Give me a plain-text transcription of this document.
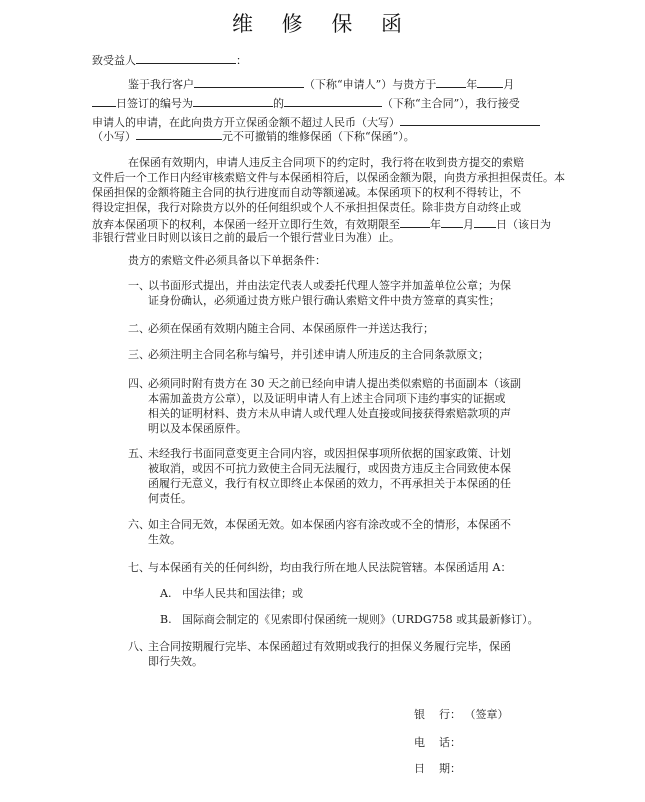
维 修 保 函

致受益人	：

鉴于我行客户	（下称“申请人”）与贵方于	年 月

日签订的编号为	的	（下称“主合同”），我行接受

申请人的申请，在此向贵方开立保函金额不超过人民币（大写）

（小写）	元不可撤销的维修保函（下称“保函”）。

在保函有效期内，申请人违反主合同项下的约定时，我行将在收到贵方提交的索赔

文件后一个工作日内经审核索赔文件与本保函相符后，以保函金额为限，向贵方承担担保责任。本

保函担保的金额将随主合同的执行进度而自动等额递减。本保函项下的权利不得转让，不

得设定担保，我行对除贵方以外的任何组织或个人不承担担保责任。除非贵方自动终止或

放弃本保函项下的权利，本保函一经开立即行生效，有效期限至	年 月 日（该日为

非银行营业日时则以该日之前的最后一个银行营业日为准）止。

贵方的索赔文件必须具备以下单据条件：

一、

以书面形式提出，并由法定代表人或委托代理人签字并加盖单位公章；为保

证身份确认，必须通过贵方账户银行确认索赔文件中贵方签章的真实性；

二、

必须在保函有效期内随主合同、本保函原件一并送达我行；

三、

必须注明主合同名称与编号，并引述申请人所违反的主合同条款原文；

四、

必须同时附有贵方在 30 天之前已经向申请人提出类似索赔的书面副本（该副

本需加盖贵方公章），以及证明申请人有上述主合同项下违约事实的证据或

相关的证明材料、贵方未从申请人或代理人处直接或间接获得索赔款项的声

明以及本保函原件。

五、

未经我行书面同意变更主合同内容，或因担保事项所依据的国家政策、计划

被取消，或因不可抗力致使主合同无法履行，或因贵方违反主合同致使本保

函履行无意义，我行有权立即终止本保函的效力，不再承担关于本保函的任

何责任。

六、

如主合同无效，本保函无效。如本保函内容有涂改或不全的情形，本保函不

生效。

七、

与本保函有关的任何纠纷，均由我行所在地人民法院管辖。本保函适用 A：

A. 中华人民共和国法律；或

B. 国际商会制定的《见索即付保函统一规则》（URDG758 或其最新修订）。

八、

主合同按期履行完毕、本保函超过有效期或我行的担保义务履行完毕，保函

即行失效。

银    行： （签章）
电    话：
日    期：
